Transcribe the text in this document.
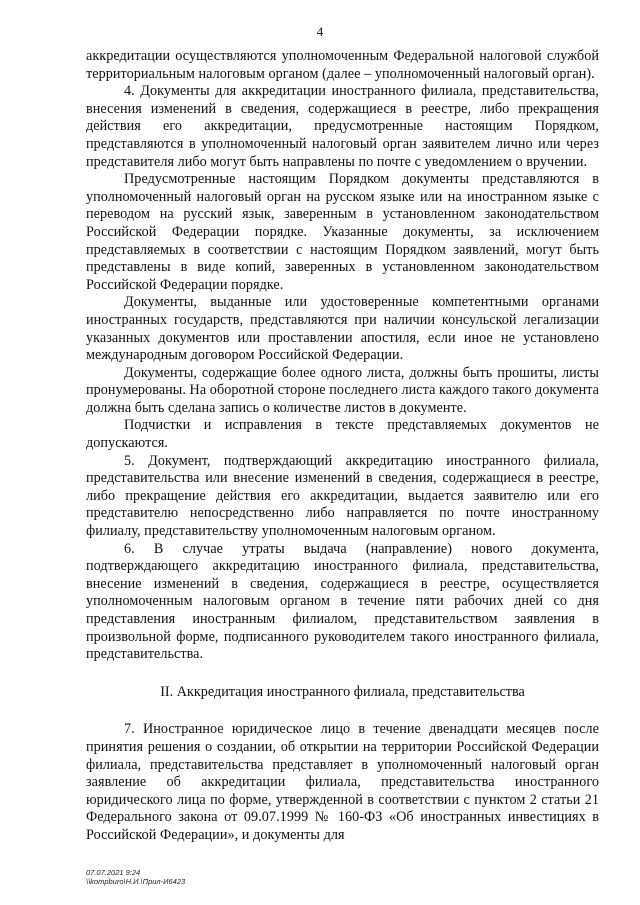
4

аккредитации осуществляются уполномоченным Федеральной налоговой службой территориальным налоговым органом (далее – уполномоченный налоговый орган).

4. Документы для аккредитации иностранного филиала, представительства, внесения изменений в сведения, содержащиеся в реестре, либо прекращения действия его аккредитации, предусмотренные настоящим Порядком, представляются в уполномоченный налоговый орган заявителем лично или через представителя либо могут быть направлены по почте с уведомлением о вручении.

Предусмотренные настоящим Порядком документы представляются в уполномоченный налоговый орган на русском языке или на иностранном языке с переводом на русский язык, заверенным в установленном законодательством Российской Федерации порядке. Указанные документы, за исключением представляемых в соответствии с настоящим Порядком заявлений, могут быть представлены в виде копий, заверенных в установленном законодательством Российской Федерации порядке.

Документы, выданные или удостоверенные компетентными органами иностранных государств, представляются при наличии консульской легализации указанных документов или проставлении апостиля, если иное не установлено международным договором Российской Федерации.

Документы, содержащие более одного листа, должны быть прошиты, листы пронумерованы. На оборотной стороне последнего листа каждого такого документа должна быть сделана запись о количестве листов в документе.

Подчистки и исправления в тексте представляемых документов не допускаются.

5. Документ, подтверждающий аккредитацию иностранного филиала, представительства или внесение изменений в сведения, содержащиеся в реестре, либо прекращение действия его аккредитации, выдается заявителю или его представителю непосредственно либо направляется по почте иностранному филиалу, представительству уполномоченным налоговым органом.

6. В случае утраты выдача (направление) нового документа, подтверждающего аккредитацию иностранного филиала, представительства, внесение изменений в сведения, содержащиеся в реестре, осуществляется уполномоченным налоговым органом в течение пяти рабочих дней со дня представления иностранным филиалом, представительством заявления в произвольной форме, подписанного руководителем такого иностранного филиала, представительства.

II. Аккредитация иностранного филиала, представительства

7. Иностранное юридическое лицо в течение двенадцати месяцев после принятия решения о создании, об открытии на территории Российской Федерации филиала, представительства представляет в уполномоченный налоговый орган заявление об аккредитации филиала, представительства иностранного юридического лица по форме, утвержденной в соответствии с пунктом 2 статьи 21 Федерального закона от 09.07.1999 № 160-ФЗ «Об иностранных инвестициях в Российской Федерации», и документы для

07.07.2021 9:24
\\kompburo\Н.И.\Прил-И6423
